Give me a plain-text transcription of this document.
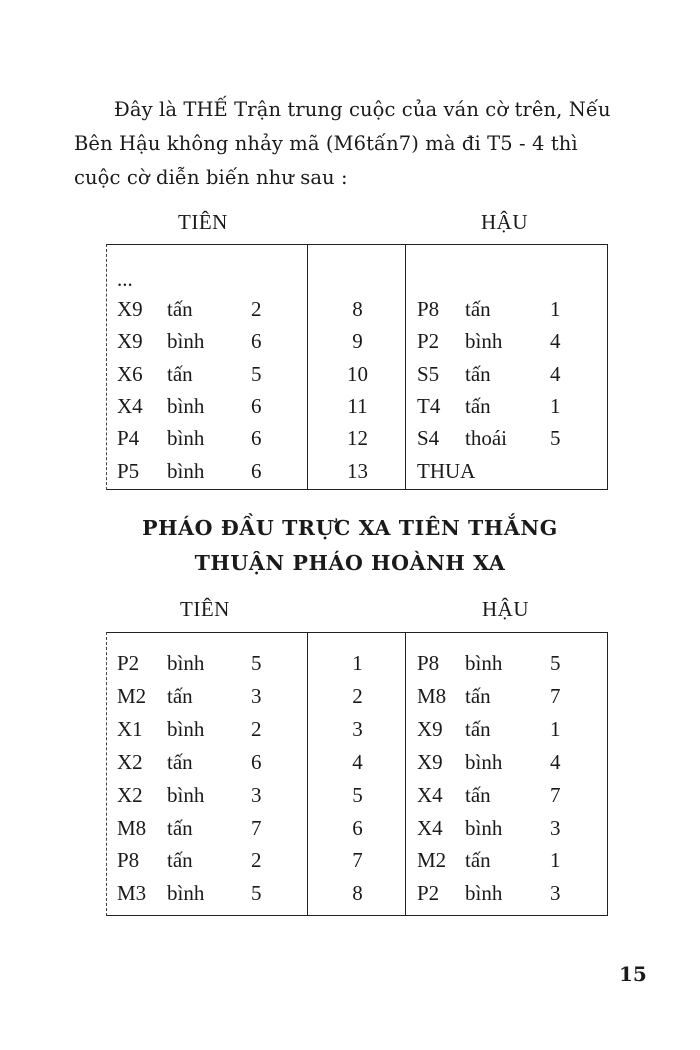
Đây là THẾ Trận trung cuộc của ván cờ trên, Nếu

Bên Hậu không nhảy mã (M6tấn7) mà đi T5 - 4 thì

cuộc cờ diễn biến như sau :

TIÊN	HẬU
...
X9 tấn	2	8	P8 tấn	1
X9 bình 6	9	P2 bình 4
X6 tấn	5	10	S5 tấn	4
X4 bình 6	11	T4 tấn	1
P4 bình 6	12	S4 thoái 5
P5 bình 6	13	THUA
PHÁO ĐẦU TRỰC XA TIÊN THẮNG
THUẬN PHÁO HOÀNH XA
TIÊN	HẬU
P2 bình 5	1	P8 bình 5
M2 tấn	3	2	M8 tấn	7
X1 bình 2	3	X9 tấn	1
X2 tấn	6	4	X9 bình 4
X2 bình 3	5	X4 tấn	7
M8 tấn	7	6	X4 bình 3
P8 tấn	2	7	M2 tấn	1
M3 bình 5	8	P2 bình 3
15
